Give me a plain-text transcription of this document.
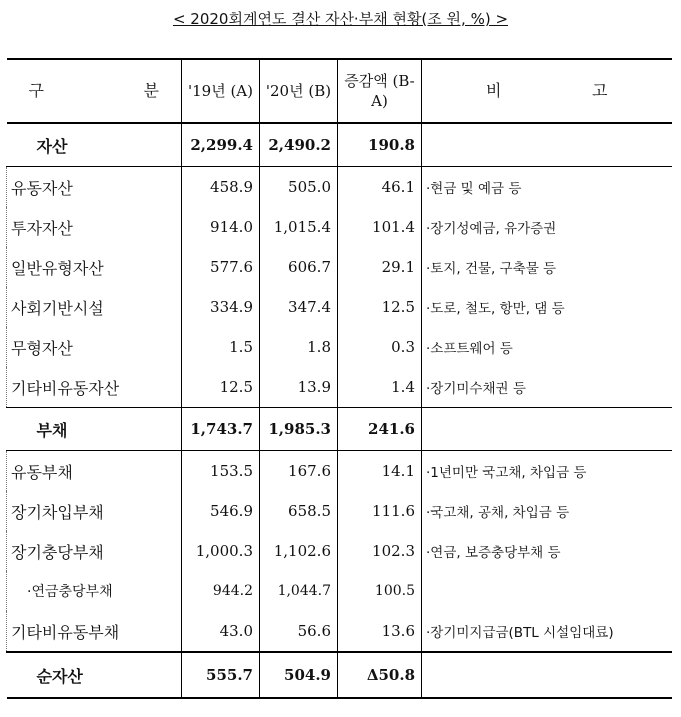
< 2020회계연도 결산 자산·부채 현황(조 원, %) >
구 분	'19년 (A)	'20년 (B)	증감액 (B-A)	비 고

자산	2,299.4	2,490.2	190.8	
유동자산	458.9	505.0	46.1	·현금 및 예금 등
투자자산	914.0	1,015.4	101.4	·장기성예금, 유가증권
일반유형자산	577.6	606.7	29.1	·토지, 건물, 구축물 등
사회기반시설	334.9	347.4	12.5	·도로, 철도, 항만, 댐 등
무형자산	1.5	1.8	0.3	·소프트웨어 등
기타비유동자산	12.5	13.9	1.4	·장기미수채권 등
부채	1,743.7	1,985.3	241.6	
유동부채	153.5	167.6	14.1	·1년미만 국고채, 차입금 등
장기차입부채	546.9	658.5	111.6	·국고채, 공채, 차입금 등
장기충당부채	1,000.3	1,102.6	102.3	·연금, 보증충당부채 등
·연금충당부채	944.2	1,044.7	100.5	
기타비유동부채	43.0	56.6	13.6	·장기미지급금(BTL 시설임대료)
순자산	555.7	504.9	Δ50.8	
